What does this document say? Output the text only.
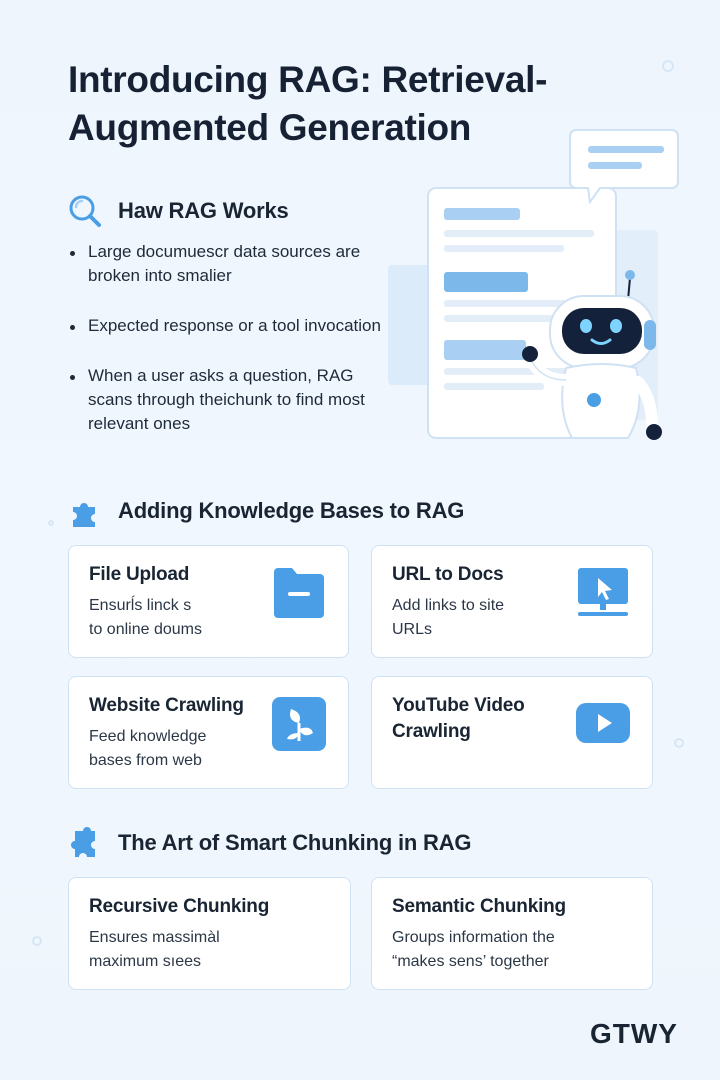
Introducing RAG: Retrieval-Augmented Generation
Haw RAG Works
Large documuescr data sources are broken into smalier
Expected response or a tool invocation
When a user asks a question, RAG scans through theichunk to find most relevant ones
Adding Knowledge Bases to RAG
File Upload
Ensurĺs linck s
to online doums
URL to Docs
Add links to site
URLs
Website Crawling
Feed knowledge
bases from web
YouTube Video Crawling
The Art of Smart Chunking in RAG
Recursive Chunking
Ensures massimàl
maximum sıees
Semantic Chunking
Groups information the
“makes sens’ together
GTWY
